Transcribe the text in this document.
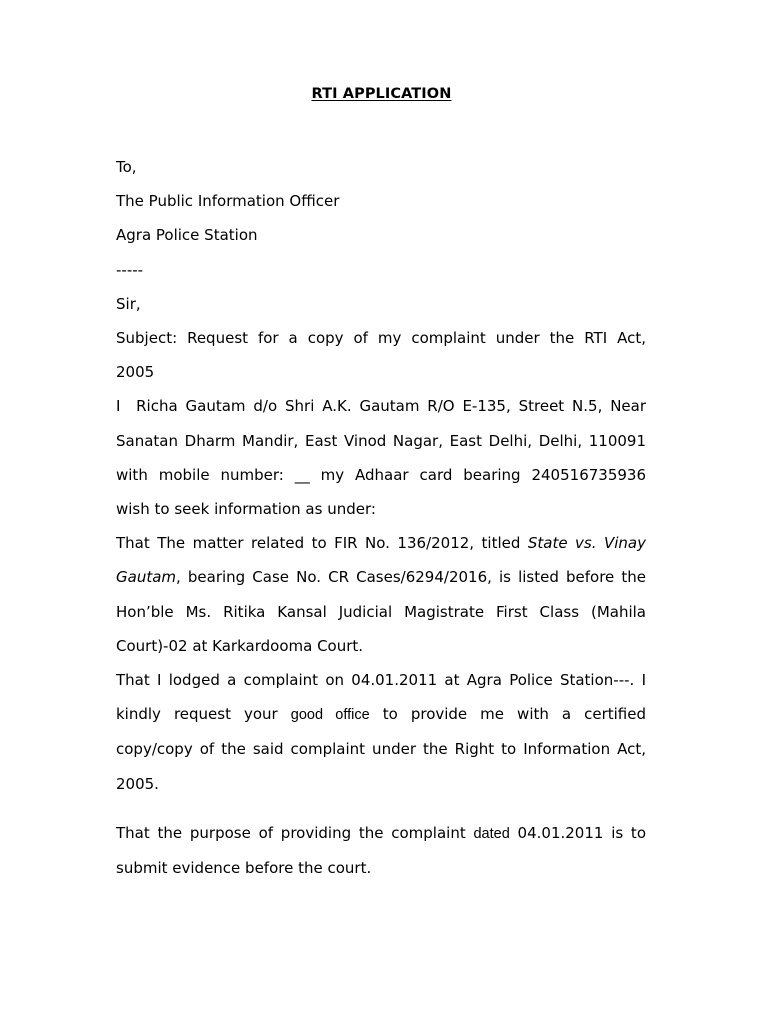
RTI APPLICATION
To,
The Public Information Officer
Agra Police Station
-----
Sir,
Subject: Request for a copy of my complaint under the RTI Act,
2005
I  Richa Gautam d/o Shri A.K. Gautam R/O E-135, Street N.5, Near
Sanatan Dharm Mandir, East Vinod Nagar, East Delhi, Delhi, 110091
with mobile number: __ my Adhaar card bearing 240516735936
wish to seek information as under:
That The matter related to FIR No. 136/2012, titled State vs. Vinay
Gautam, bearing Case No. CR Cases/6294/2016, is listed before the
Hon’ble Ms. Ritika Kansal Judicial Magistrate First Class (Mahila
Court)-02 at Karkardooma Court.
That I lodged a complaint on 04.01.2011 at Agra Police Station---. I
kindly request your good office to provide me with a certified
copy/copy of the said complaint under the Right to Information Act,
2005.
That the purpose of providing the complaint dated 04.01.2011 is to
submit evidence before the court.
